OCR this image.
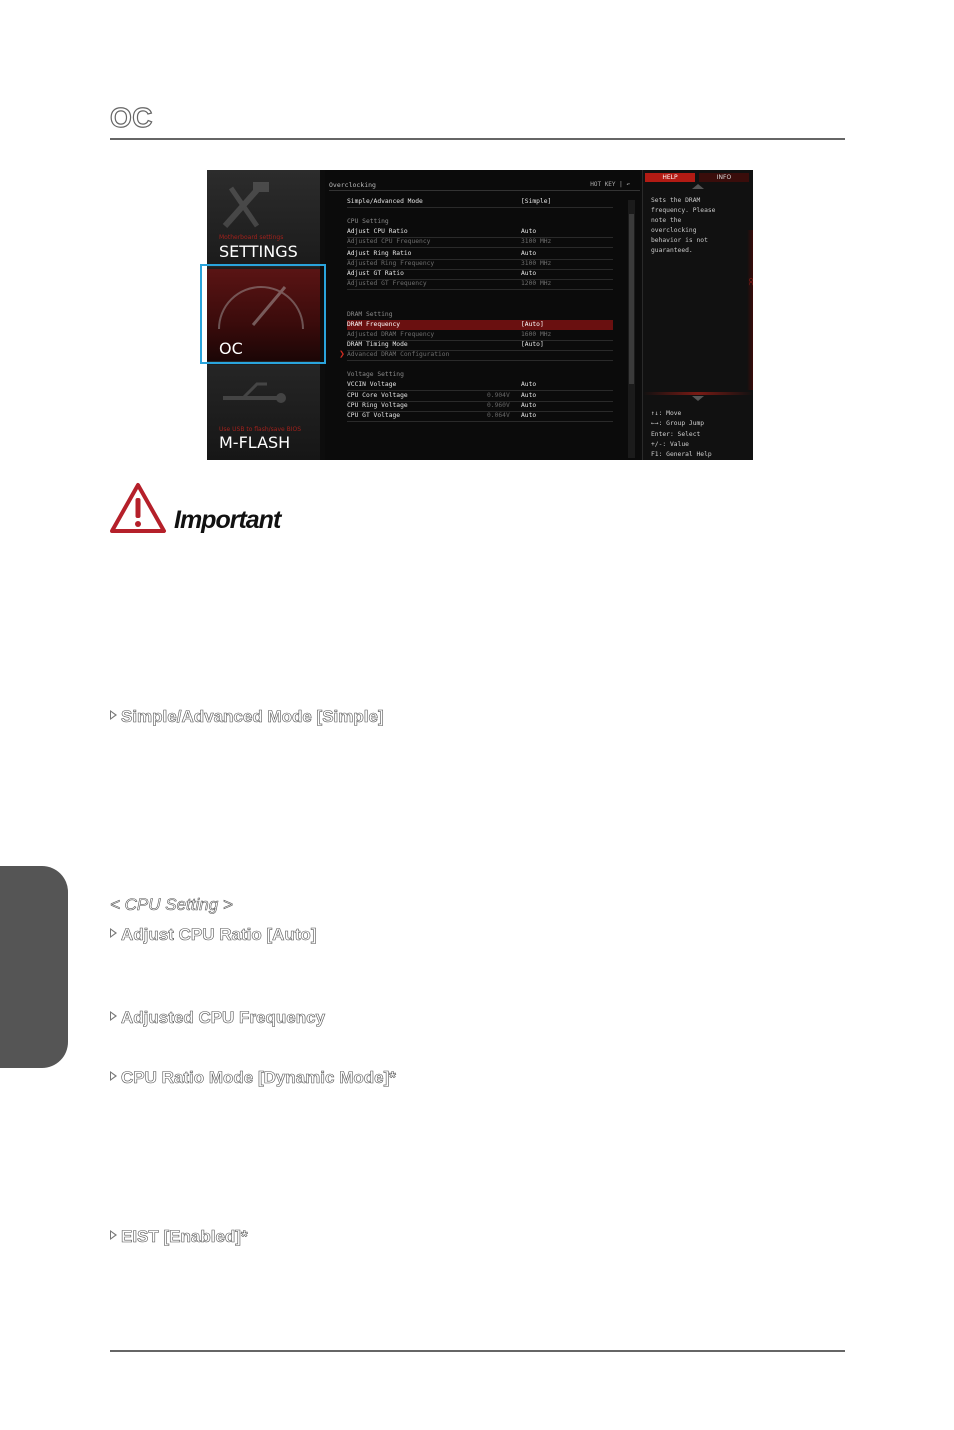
OC
Motherboard settings
SETTINGS
OC
Use USB to flash/save BIOS
M-FLASH
Overclocking	HOT KEY | ↶
Simple/Advanced Mode	[Simple]
CPU Setting
Adjust CPU Ratio	Auto
Adjusted CPU Frequency	3100 MHz
Adjust Ring Ratio	Auto
Adjusted Ring Frequency	3100 MHz
Adjust GT Ratio	Auto
Adjusted GT Frequency	1200 MHz
DRAM Setting
DRAM Frequency	[Auto]
Adjusted DRAM Frequency	1600 MHz
DRAM Timing Mode	[Auto]
❯ Advanced DRAM Configuration
Voltage Setting
VCCIN Voltage	Auto
CPU Core Voltage	0.904V Auto
CPU Ring Voltage	0.960V Auto
CPU GT Voltage	0.064V Auto
HELP	INFO
Sets the DRAM
frequency. Please
note the
overclocking
behavior is not
guaranteed.
OC
↑↓: Move
←→: Group Jump
Enter: Select
+/-: Value
F1: General Help
Important
Simple/Advanced Mode [Simple]
< CPU Setting >
Adjust CPU Ratio [Auto]
Adjusted CPU Frequency
CPU Ratio Mode [Dynamic Mode]*
EIST [Enabled]*
